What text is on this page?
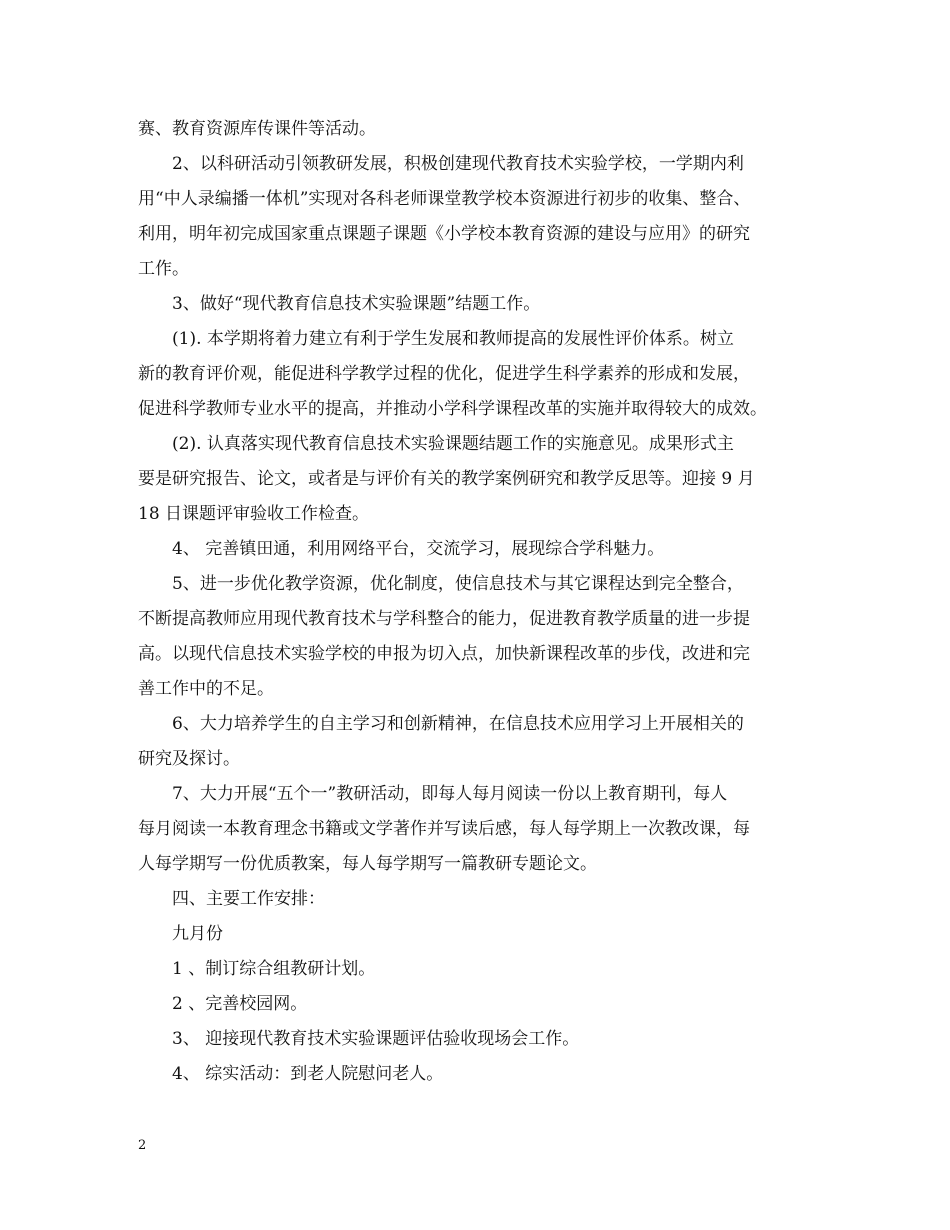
赛、教育资源库传课件等活动。
　　2、以科研活动引领教研发展，积极创建现代教育技术实验学校，一学期内利
用“中人录编播一体机”实现对各科老师课堂教学校本资源进行初步的收集、整合、
利用，明年初完成国家重点课题子课题《小学校本教育资源的建设与应用》的研究
工作。
　　3、做好“现代教育信息技术实验课题”结题工作。
　　(1). 本学期将着力建立有利于学生发展和教师提高的发展性评价体系。树立
新的教育评价观，能促进科学教学过程的优化，促进学生科学素养的形成和发展，
促进科学教师专业水平的提高，并推动小学科学课程改革的实施并取得较大的成效。
　　(2). 认真落实现代教育信息技术实验课题结题工作的实施意见。成果形式主
要是研究报告、论文，或者是与评价有关的教学案例研究和教学反思等。迎接 9 月
18 日课题评审验收工作检查。
　　4、 完善镇田通，利用网络平台，交流学习，展现综合学科魅力。
　　5、进一步优化教学资源，优化制度，使信息技术与其它课程达到完全整合，
不断提高教师应用现代教育技术与学科整合的能力，促进教育教学质量的进一步提
高。以现代信息技术实验学校的申报为切入点，加快新课程改革的步伐，改进和完
善工作中的不足。
　　6、大力培养学生的自主学习和创新精神，在信息技术应用学习上开展相关的
研究及探讨。
　　7、大力开展“五个一”教研活动，即每人每月阅读一份以上教育期刊，每人
每月阅读一本教育理念书籍或文学著作并写读后感，每人每学期上一次教改课，每
人每学期写一份优质教案，每人每学期写一篇教研专题论文。
　　四、主要工作安排：
　　九月份
　　1 、制订综合组教研计划。
　　2 、完善校园网。
　　3、 迎接现代教育技术实验课题评估验收现场会工作。
　　4、 综实活动：到老人院慰问老人。
2
